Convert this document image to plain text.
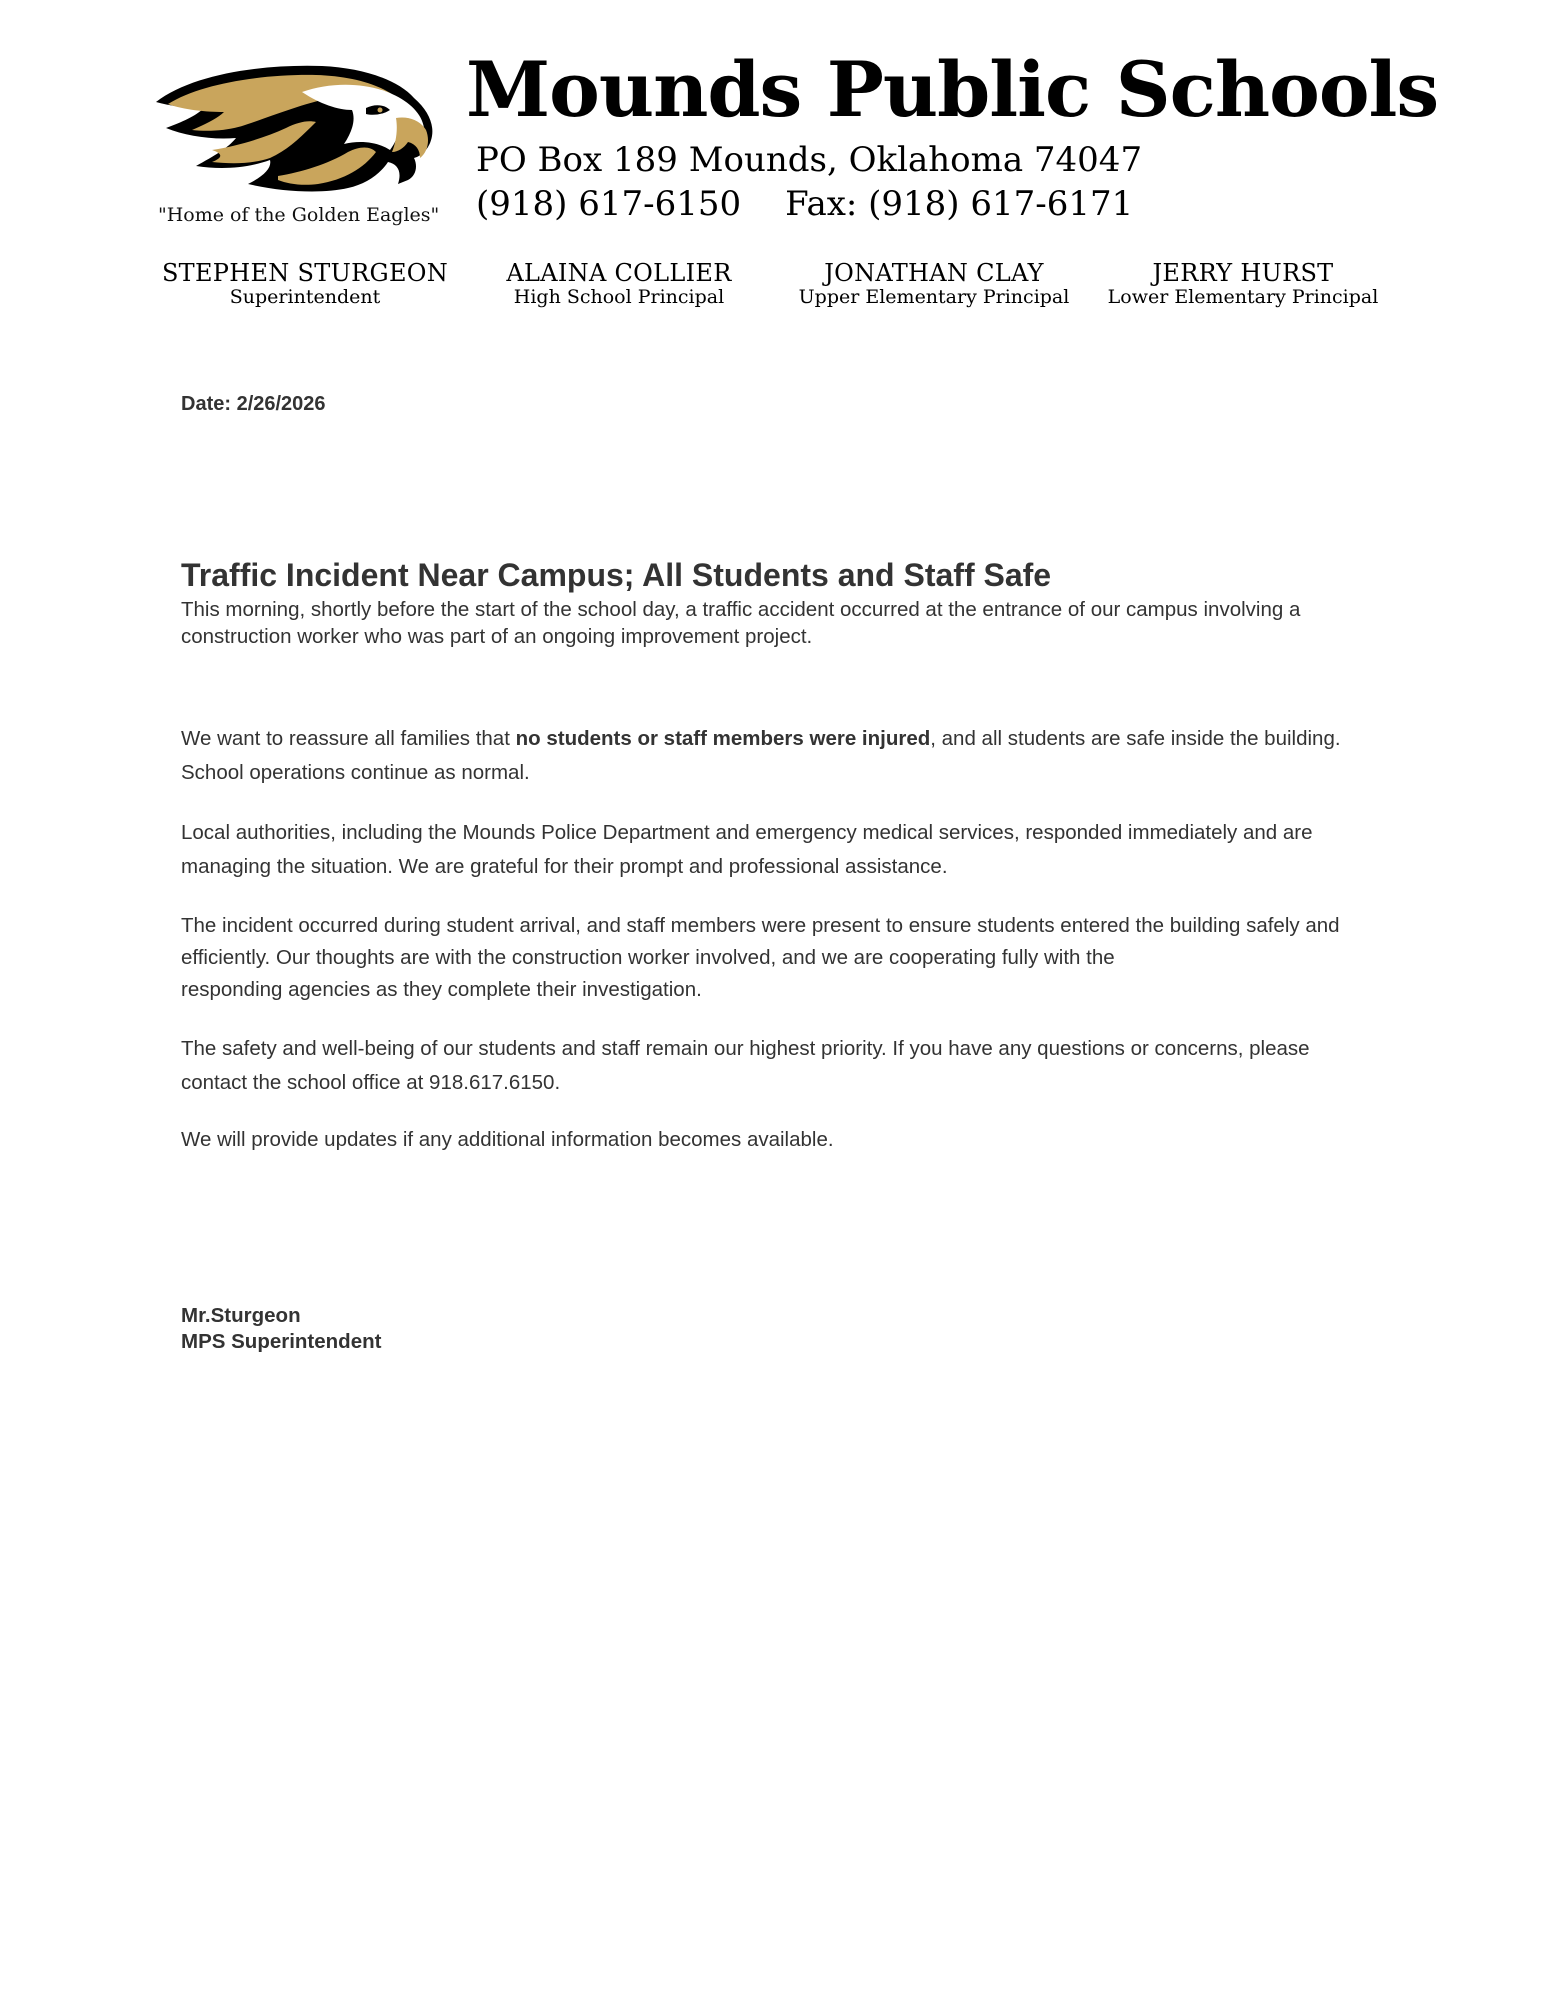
Mounds Public Schools
PO Box 189 Mounds, Oklahoma 74047
(918) 617-6150 Fax: (918) 617-6171
"Home of the Golden Eagles"
STEPHEN STURGEON
Superintendent
ALAINA COLLIER
High School Principal
JONATHAN CLAY
Upper Elementary Principal
JERRY HURST
Lower Elementary Principal

Date: 2/26/2026

Traffic Incident Near Campus; All Students and Staff Safe

This morning, shortly before the start of the school day, a traffic accident occurred at the entrance of our campus involving a construction worker who was part of an ongoing improvement project.

We want to reassure all families that no students or staff members were injured, and all students are safe inside the building. School operations continue as normal.

Local authorities, including the Mounds Police Department and emergency medical services, responded immediately and are managing the situation. We are grateful for their prompt and professional assistance.

The incident occurred during student arrival, and staff members were present to ensure students entered the building safely and efficiently. Our thoughts are with the construction worker involved, and we are cooperating fully with the
responding agencies as they complete their investigation.

The safety and well-being of our students and staff remain our highest priority. If you have any questions or concerns, please contact the school office at 918.617.6150.

We will provide updates if any additional information becomes available.

Mr.Sturgeon
MPS Superintendent
